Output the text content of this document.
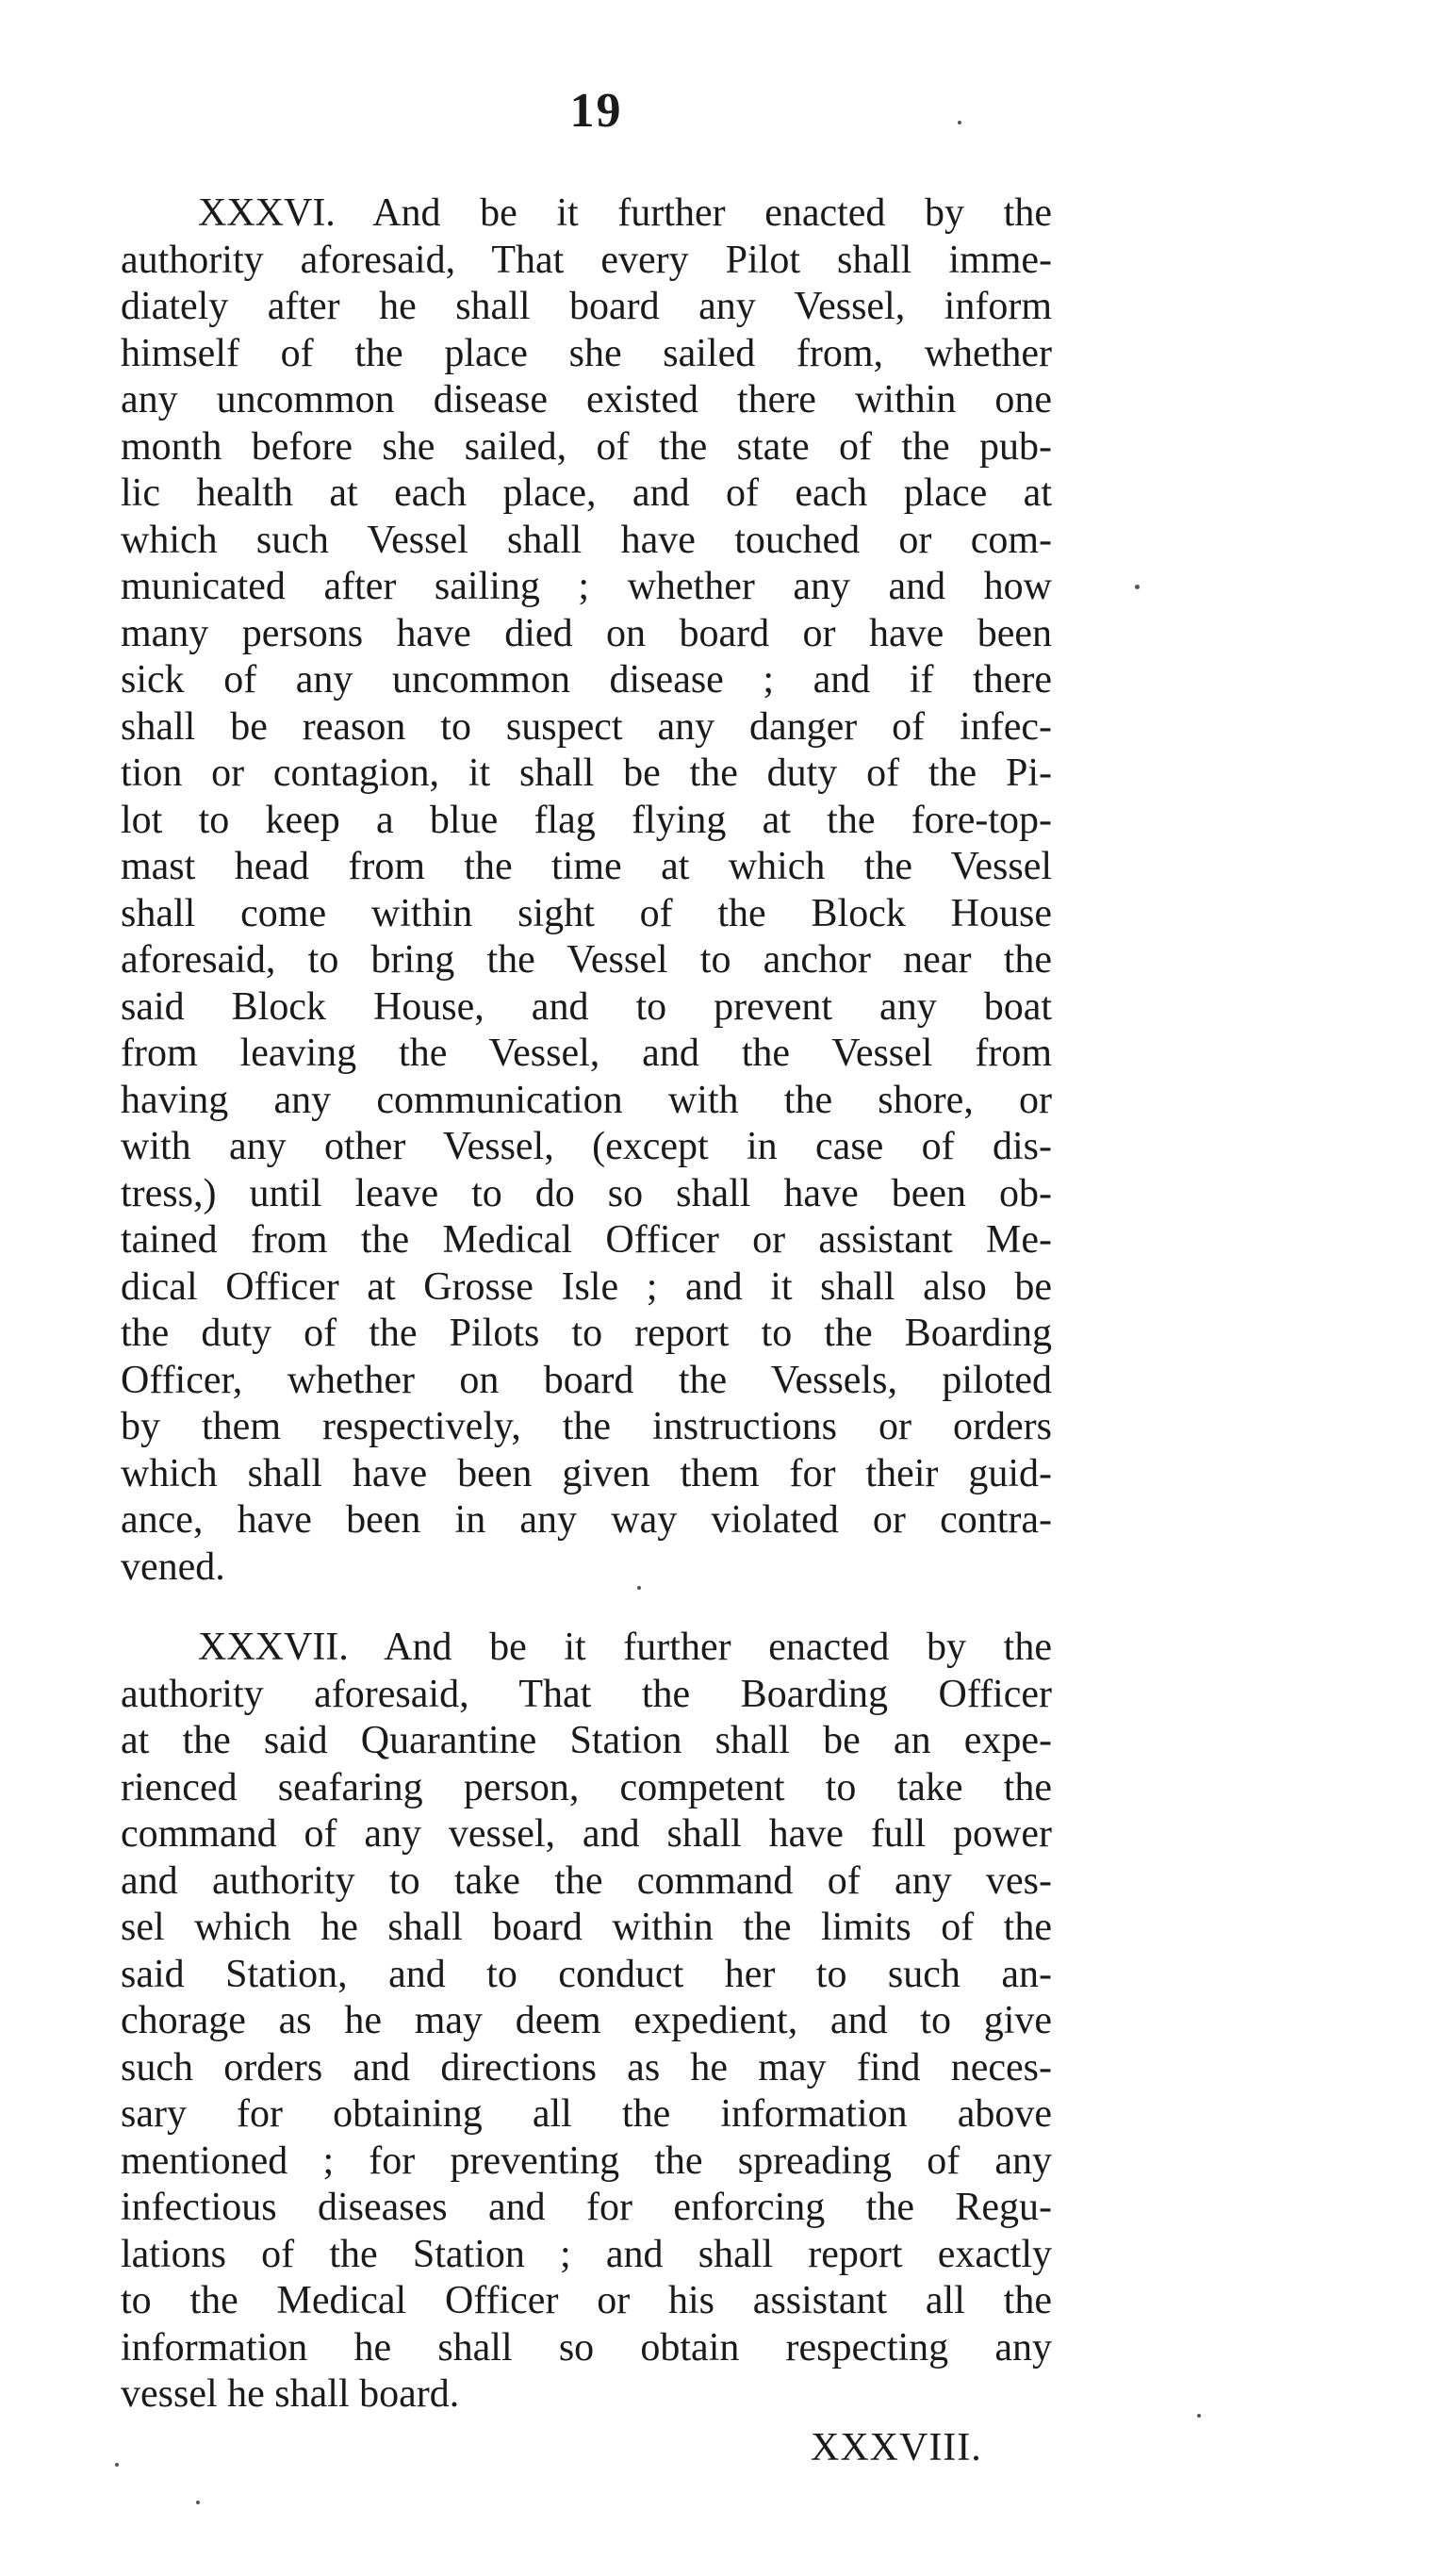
19
XXXVI. And be it further enacted by the
authority aforesaid, That every Pilot shall imme-
diately after he shall board any Vessel, inform
himself of the place she sailed from, whether
any uncommon disease existed there within one
month before she sailed, of the state of the pub-
lic health at each place, and of each place at
which such Vessel shall have touched or com-
municated after sailing ; whether any and how
many persons have died on board or have been
sick of any uncommon disease ; and if there
shall be reason to suspect any danger of infec-
tion or contagion, it shall be the duty of the Pi-
lot to keep a blue flag flying at the fore-top-
mast head from the time at which the Vessel
shall come within sight of the Block House
aforesaid, to bring the Vessel to anchor near the
said Block House, and to prevent any boat
from leaving the Vessel, and the Vessel from
having any communication with the shore, or
with any other Vessel, (except in case of dis-
tress,) until leave to do so shall have been ob-
tained from the Medical Officer or assistant Me-
dical Officer at Grosse Isle ; and it shall also be
the duty of the Pilots to report to the Boarding
Officer, whether on board the Vessels, piloted
by them respectively, the instructions or orders
which shall have been given them for their guid-
ance, have been in any way violated or contra-
vened.
XXXVII. And be it further enacted by the
authority aforesaid, That the Boarding Officer
at the said Quarantine Station shall be an expe-
rienced seafaring person, competent to take the
command of any vessel, and shall have full power
and authority to take the command of any ves-
sel which he shall board within the limits of the
said Station, and to conduct her to such an-
chorage as he may deem expedient, and to give
such orders and directions as he may find neces-
sary for obtaining all the information above
mentioned ; for preventing the spreading of any
infectious diseases and for enforcing the Regu-
lations of the Station ; and shall report exactly
to the Medical Officer or his assistant all the
information he shall so obtain respecting any
vessel he shall board.
XXXVIII.
